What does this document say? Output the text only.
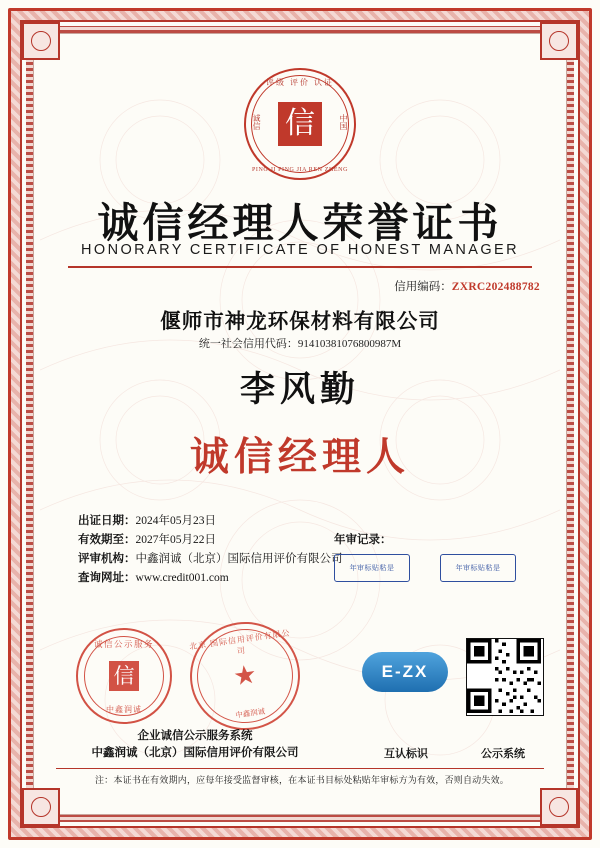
评级 评价 认证
诚信	中国
信
PING JI PING JIA REN ZHENG
诚信经理人荣誉证书
HONORARY CERTIFICATE OF HONEST MANAGER
信用编码：ZXRC202488782
偃师市神龙环保材料有限公司
统一社会信用代码：91410381076800987M
李风勤
诚信经理人
出证日期：2024年05月23日
有效期至：2027年05月22日
评审机构：中鑫润诚（北京）国际信用评价有限公司
查询网址：www.credit001.com
年审记录：
年审标贴粘是	年审标贴粘是
诚信公示服务
信
中鑫润诚
北京 国际信用评价有限公司
★
中鑫润诚
E-ZX
企业诚信公示服务系统
中鑫润诚（北京）国际信用评价有限公司	互认标识	公示系统
注：本证书在有效期内，应每年接受监督审核，在本证书目标处粘贴年审标方为有效，否则自动失效。
